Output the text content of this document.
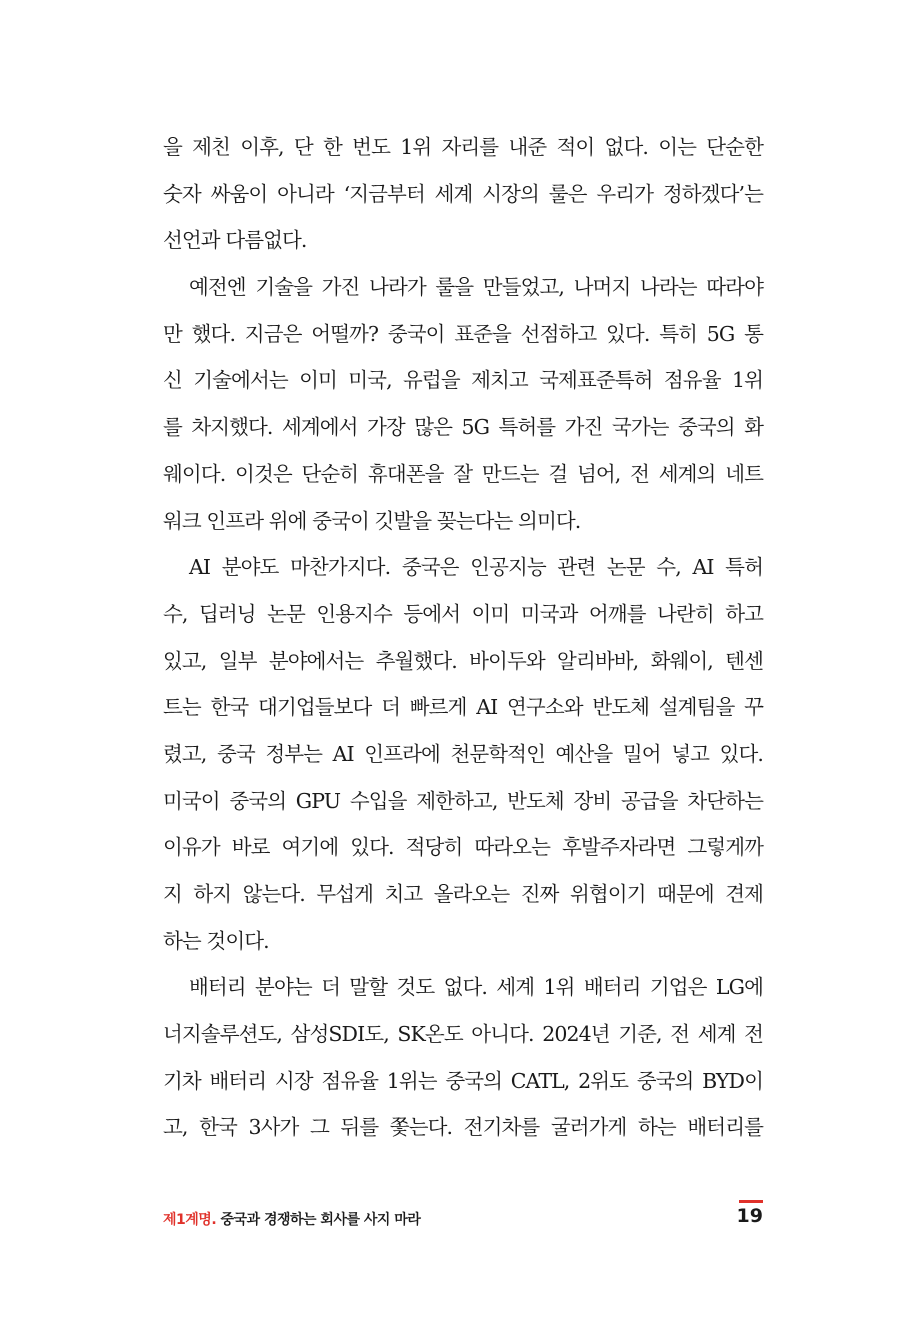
을 제친 이후, 단 한 번도 1위 자리를 내준 적이 없다. 이는 단순한
숫자 싸움이 아니라 ‘지금부터 세계 시장의 룰은 우리가 정하겠다’는
선언과 다름없다.
예전엔 기술을 가진 나라가 룰을 만들었고, 나머지 나라는 따라야
만 했다. 지금은 어떨까? 중국이 표준을 선점하고 있다. 특히 5G 통
신 기술에서는 이미 미국, 유럽을 제치고 국제표준특허 점유율 1위
를 차지했다. 세계에서 가장 많은 5G 특허를 가진 국가는 중국의 화
웨이다. 이것은 단순히 휴대폰을 잘 만드는 걸 넘어, 전 세계의 네트
워크 인프라 위에 중국이 깃발을 꽂는다는 의미다.
AI 분야도 마찬가지다. 중국은 인공지능 관련 논문 수, AI 특허
수, 딥러닝 논문 인용지수 등에서 이미 미국과 어깨를 나란히 하고
있고, 일부 분야에서는 추월했다. 바이두와 알리바바, 화웨이, 텐센
트는 한국 대기업들보다 더 빠르게 AI 연구소와 반도체 설계팀을 꾸
렸고, 중국 정부는 AI 인프라에 천문학적인 예산을 밀어 넣고 있다.
미국이 중국의 GPU 수입을 제한하고, 반도체 장비 공급을 차단하는
이유가 바로 여기에 있다. 적당히 따라오는 후발주자라면 그렇게까
지 하지 않는다. 무섭게 치고 올라오는 진짜 위협이기 때문에 견제
하는 것이다.
배터리 분야는 더 말할 것도 없다. 세계 1위 배터리 기업은 LG에
너지솔루션도, 삼성SDI도, SK온도 아니다. 2024년 기준, 전 세계 전
기차 배터리 시장 점유율 1위는 중국의 CATL, 2위도 중국의 BYD이
고, 한국 3사가 그 뒤를 쫓는다. 전기차를 굴러가게 하는 배터리를
제1계명. 중국과 경쟁하는 회사를 사지 마라	19
